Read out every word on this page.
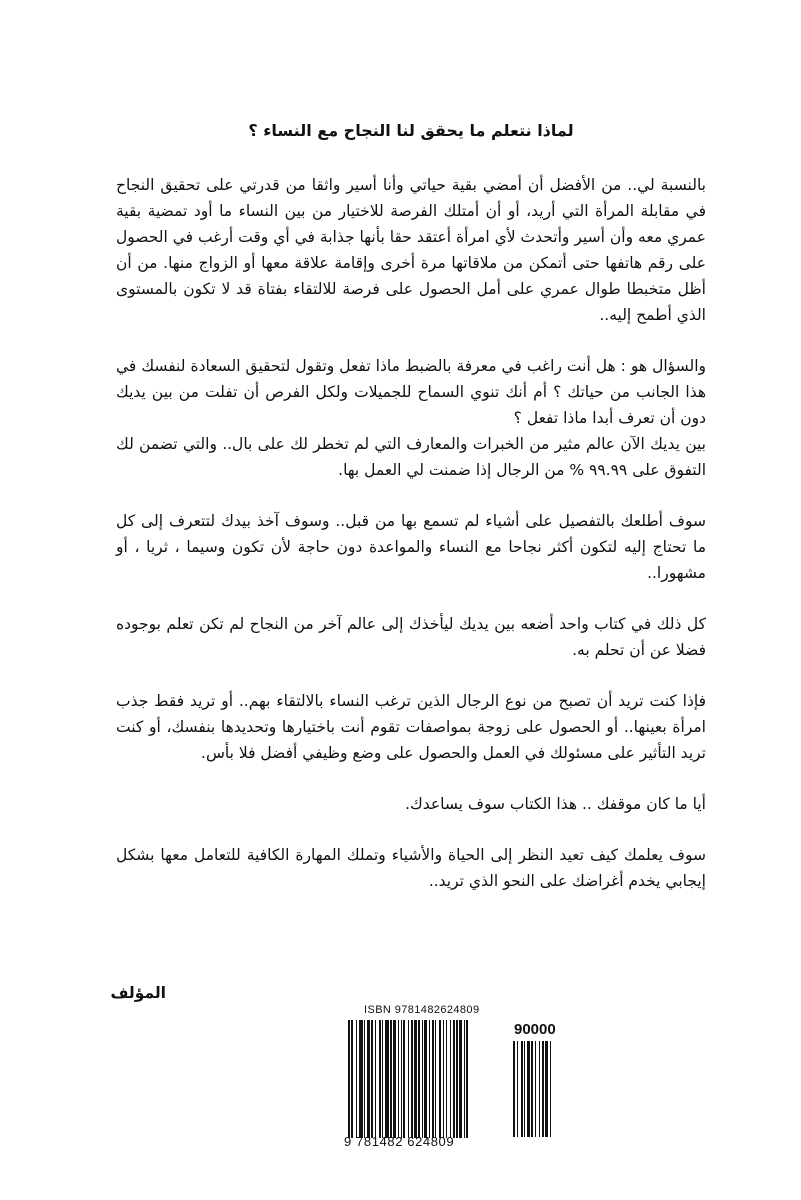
لماذا نتعلم ما يحقق لنا النجاح مع النساء ؟

بالنسبة لي.. من الأفضل أن أمضي بقية حياتي وأنا أسير واثقا من قدرتي على تحقيق النجاح في مقابلة المرأة التي أريد، أو أن أمتلك الفرصة للاختيار من بين النساء ما أود تمضية بقية عمري معه وأن أسير وأتحدث لأي امرأة أعتقد حقا بأنها جذابة في أي وقت أرغب في الحصول على رقم هاتفها حتى أتمكن من ملاقاتها مرة أخرى وإقامة علاقة معها أو الزواج منها. من أن أظل متخبطا طوال عمري على أمل الحصول على فرصة للالتقاء بفتاة قد لا تكون بالمستوى الذي أطمح إليه..

والسؤال هو : هل أنت راغب في معرفة بالضبط ماذا تفعل وتقول لتحقيق السعادة لنفسك في هذا الجانب من حياتك ؟ أم أنك تنوي السماح للجميلات ولكل الفرص أن تفلت من بين يديك دون أن تعرف أبدا ماذا تفعل ؟

بين يديك الآن عالم مثير من الخبرات والمعارف التي لم تخطر لك على بال.. والتي تضمن لك التفوق على ٩٩.٩٩ % من الرجال إذا ضمنت لي العمل بها.

سوف أطلعك بالتفصيل على أشياء لم تسمع بها من قبل.. وسوف آخذ بيدك لتتعرف إلى كل ما تحتاج إليه لتكون أكثر نجاحا مع النساء والمواعدة دون حاجة لأن تكون وسيما ، ثريا ، أو مشهورا..

كل ذلك في كتاب واحد أضعه بين يديك ليأخذك إلى عالم آخر من النجاح لم تكن تعلم بوجوده فضلا عن أن تحلم به.

فإذا كنت تريد أن تصبح من نوع الرجال الذين ترغب النساء بالالتقاء بهم.. أو تريد فقط جذب امرأة بعينها.. أو الحصول على زوجة بمواصفات تقوم أنت باختيارها وتحديدها بنفسك، أو كنت تريد التأثير على مسئولك في العمل والحصول على وضع وظيفي أفضل فلا بأس.

أيا ما كان موقفك .. هذا الكتاب سوف يساعدك.

سوف يعلمك كيف تعيد النظر إلى الحياة والأشياء وتملك المهارة الكافية للتعامل معها بشكل إيجابي يخدم أغراضك على النحو الذي تريد..

المؤلف
ISBN 9781482624809
90000
9 781482 624809
